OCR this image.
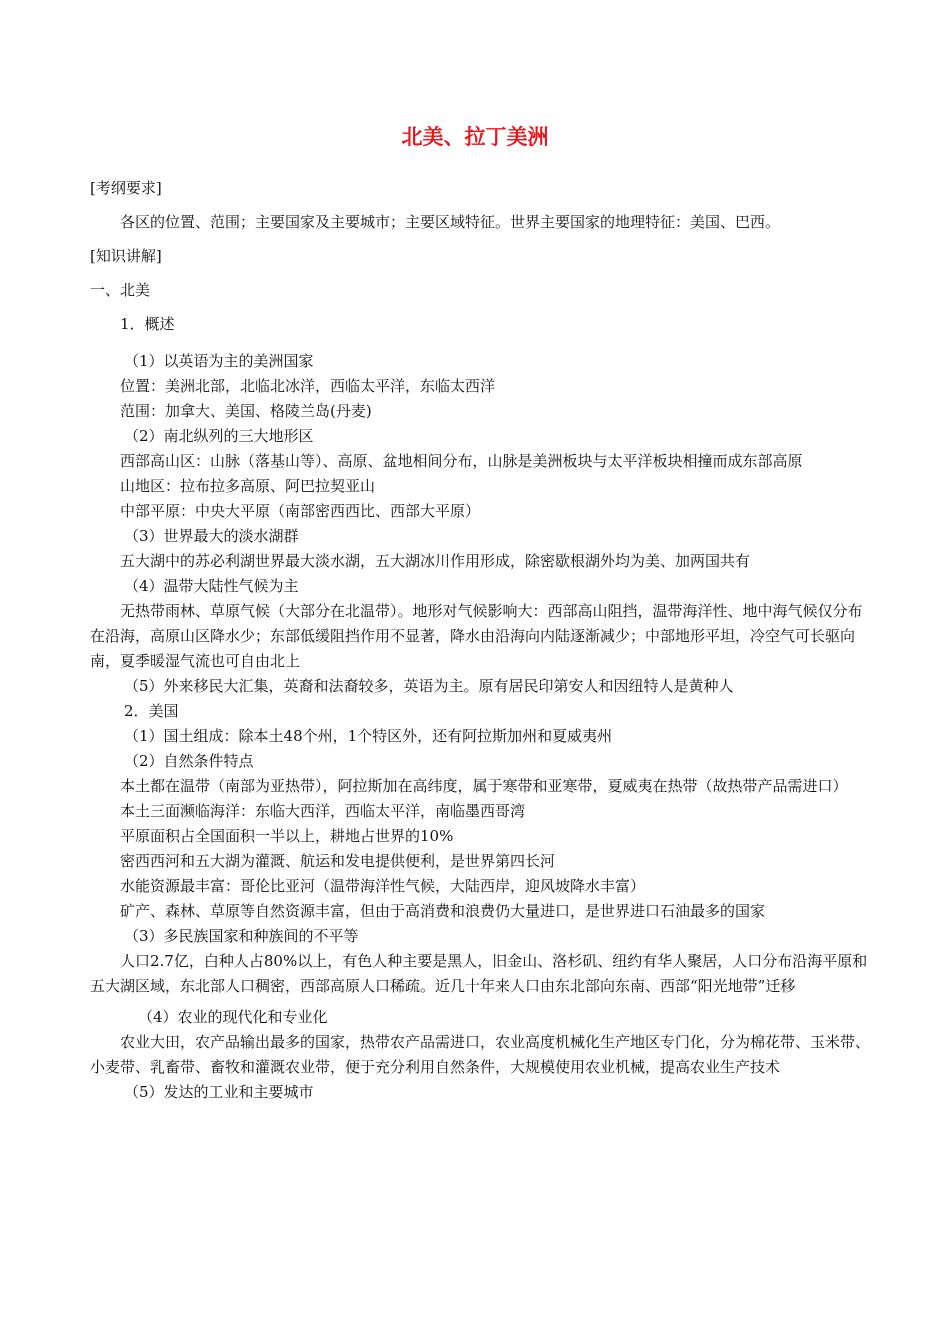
北美、拉丁美洲

[考纲要求]

各区的位置、范围；主要国家及主要城市；主要区域特征。世界主要国家的地理特征：美国、巴西。

[知识讲解]

一、北美

1．概述

（1）以英语为主的美洲国家

位置：美洲北部，北临北冰洋，西临太平洋，东临太西洋

范围：加拿大、美国、格陵兰岛(丹麦)

（2）南北纵列的三大地形区

西部高山区：山脉（落基山等）、高原、盆地相间分布，山脉是美洲板块与太平洋板块相撞而成东部高原

山地区：拉布拉多高原、阿巴拉契亚山

中部平原：中央大平原（南部密西西比、西部大平原）

（3）世界最大的淡水湖群

五大湖中的苏必利湖世界最大淡水湖，五大湖冰川作用形成，除密歇根湖外均为美、加两国共有

（4）温带大陆性气候为主

无热带雨林、草原气候（大部分在北温带）。地形对气候影响大：西部高山阻挡，温带海洋性、地中海气候仅分布在沿海，高原山区降水少；东部低缓阻挡作用不显著，降水由沿海向内陆逐渐减少；中部地形平坦，冷空气可长驱向南，夏季暖湿气流也可自由北上

（5）外来移民大汇集，英裔和法裔较多，英语为主。原有居民印第安人和因纽特人是黄种人

2．美国

（1）国土组成：除本土48个州，1个特区外，还有阿拉斯加州和夏威夷州

（2）自然条件特点

本土都在温带（南部为亚热带），阿拉斯加在高纬度，属于寒带和亚寒带，夏威夷在热带（故热带产品需进口）

本土三面濒临海洋：东临大西洋，西临太平洋，南临墨西哥湾

平原面积占全国面积一半以上，耕地占世界的10%

密西西河和五大湖为灌溉、航运和发电提供便利，是世界第四长河

水能资源最丰富：哥伦比亚河（温带海洋性气候，大陆西岸，迎风坡降水丰富）

矿产、森林、草原等自然资源丰富，但由于高消费和浪费仍大量进口，是世界进口石油最多的国家

（3）多民族国家和种族间的不平等

人口2.7亿，白种人占80%以上，有色人种主要是黑人，旧金山、洛杉矶、纽约有华人聚居，人口分布沿海平原和五大湖区域，东北部人口稠密，西部高原人口稀疏。近几十年来人口由东北部向东南、西部“阳光地带”迁移

（4）农业的现代化和专业化

农业大田，农产品输出最多的国家，热带农产品需进口，农业高度机械化生产地区专门化，分为棉花带、玉米带、小麦带、乳畜带、畜牧和灌溉农业带，便于充分利用自然条件，大规模使用农业机械，提高农业生产技术

（5）发达的工业和主要城市
